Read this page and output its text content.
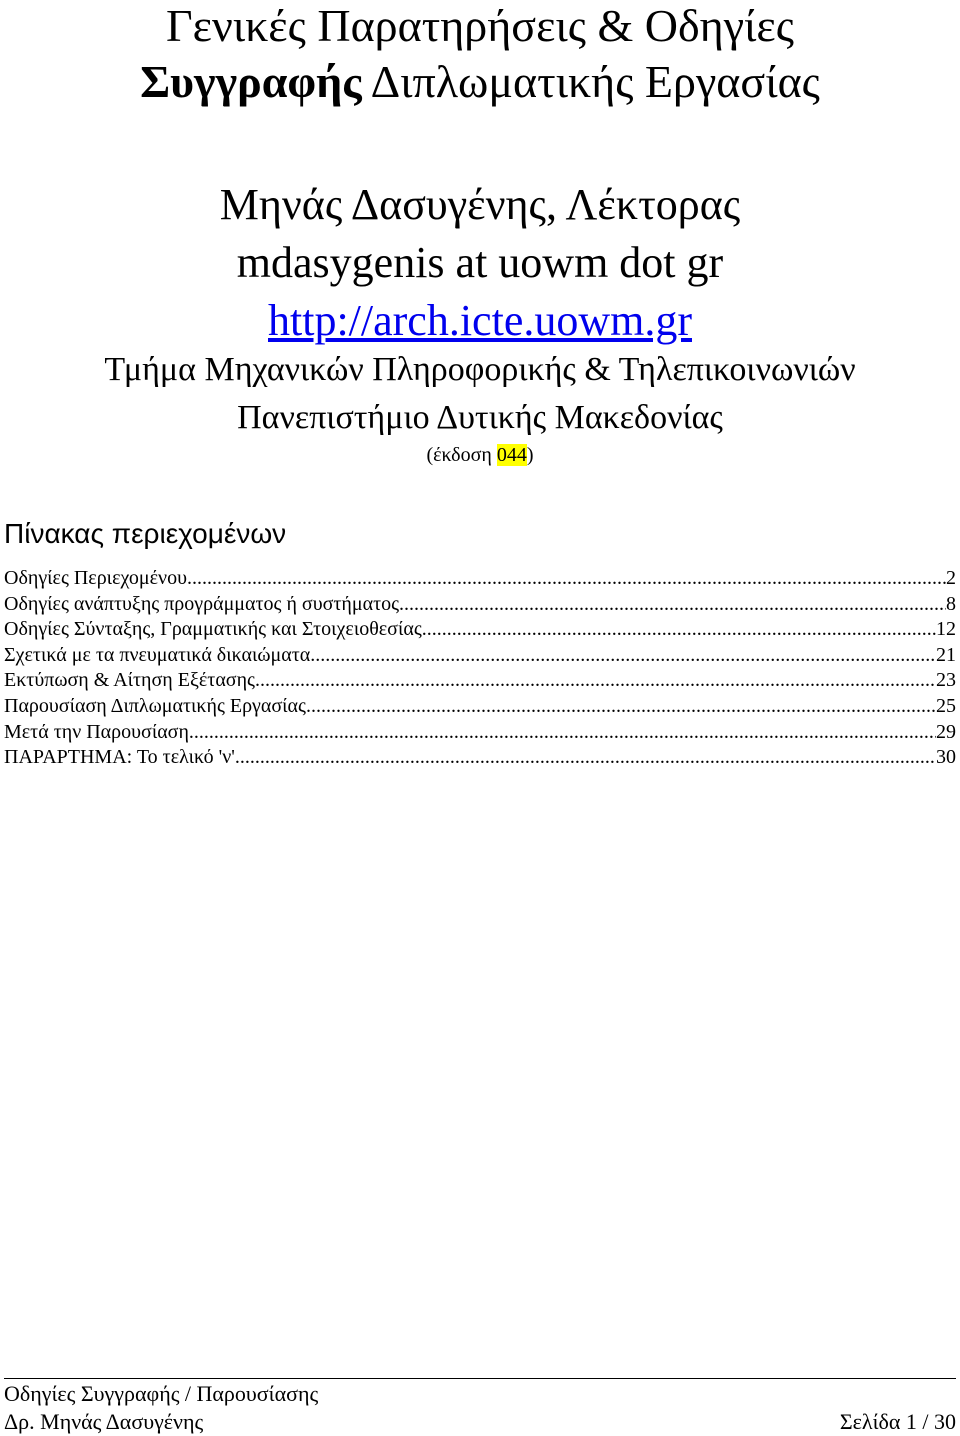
Γενικές Παρατηρήσεις & Οδηγίες
Συγγραφής Διπλωματικής Εργασίας
Μηνάς Δασυγένης, Λέκτορας
mdasygenis at uowm dot gr
http://arch.icte.uowm.gr
Τμήμα Μηχανικών Πληροφορικής & Τηλεπικοινωνιών
Πανεπιστήμιο Δυτικής Μακεδονίας
(έκδοση 044)
Πίνακας περιεχομένων
Οδηγίες Περιεχομένου .....	2
Οδηγίες ανάπτυξης προγράμματος ή συστήματος .....	8
Οδηγίες Σύνταξης, Γραμματικής και Στοιχειοθεσίας .....	12
Σχετικά με τα πνευματικά δικαιώματα .....	21
Εκτύπωση & Αίτηση Εξέτασης .....	23
Παρουσίαση Διπλωματικής Εργασίας .....	25
Μετά την Παρουσίαση .....	29
ΠΑΡΑΡΤΗΜΑ: Το τελικό 'ν' .....	30
Οδηγίες Συγγραφής / Παρουσίασης
Δρ. Μηνάς Δασυγένης	Σελίδα 1 / 30
